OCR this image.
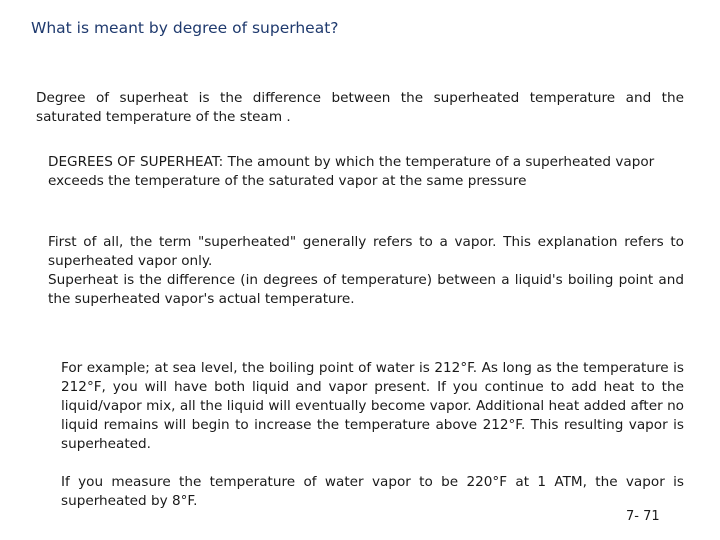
What is meant by degree of superheat?

Degree of superheat is the difference between the superheated temperature and the saturated temperature of the steam .

DEGREES OF SUPERHEAT: The amount by which the temperature of a superheated vapor exceeds the temperature of the saturated vapor at the same pressure

First of all, the term "superheated" generally refers to a vapor. This explanation refers to superheated vapor only.
Superheat is the difference (in degrees of temperature) between a liquid's boiling point and the superheated vapor's actual temperature.

For example; at sea level, the boiling point of water is 212°F. As long as the temperature is 212°F, you will have both liquid and vapor present. If you continue to add heat to the liquid/vapor mix, all the liquid will eventually become vapor. Additional heat added after no liquid remains will begin to increase the temperature above 212°F. This resulting vapor is superheated.

If you measure the temperature of water vapor to be 220°F at 1 ATM, the vapor is superheated by 8°F.

7- 71
